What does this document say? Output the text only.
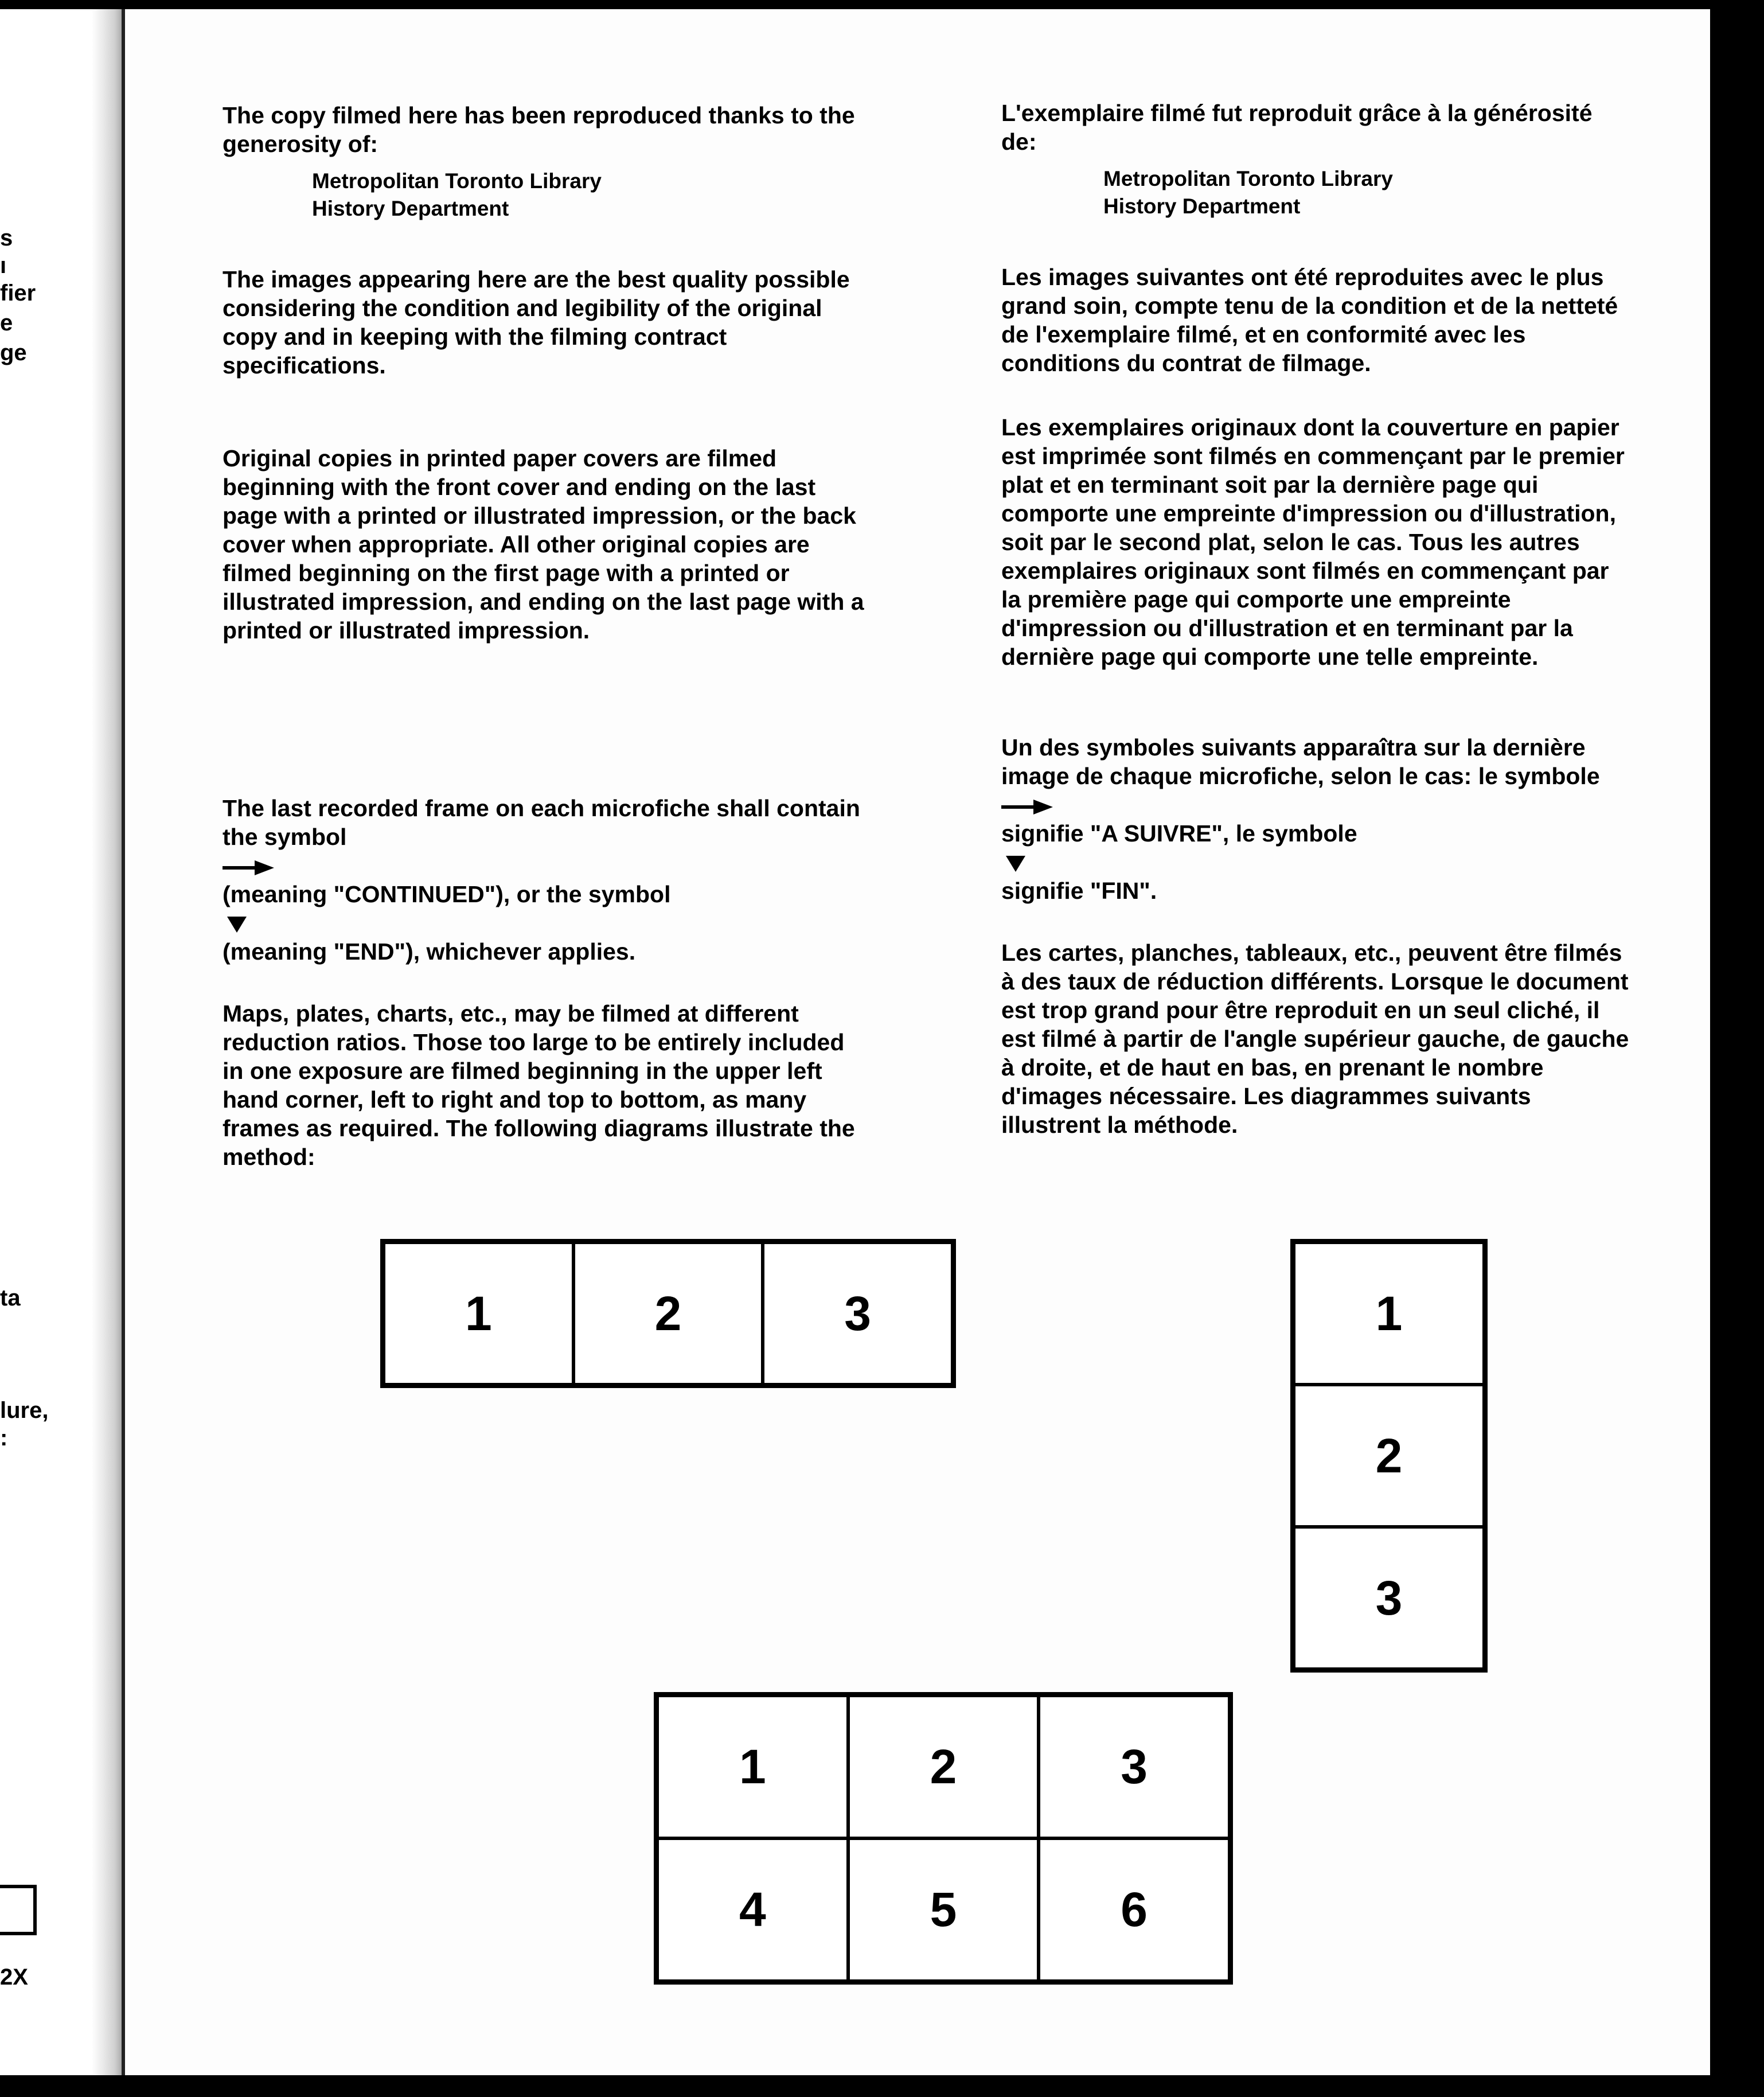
s
ı
fier
e
ge
ta
lure,
:
2X

The copy filmed here has been reproduced thanks to the generosity of:

Metropolitan Toronto Library

History Department

The images appearing here are the best quality possible considering the condition and legibility of the original copy and in keeping with the filming contract specifications.

Original copies in printed paper covers are filmed beginning with the front cover and ending on the last page with a printed or illustrated impression, or the back cover when appropriate. All other original copies are filmed beginning on the first page with a printed or illustrated impression, and ending on the last page with a printed or illustrated impression.

The last recorded frame on each microfiche shall contain the symbol

(meaning "CONTINUED"), or the symbol

(meaning "END"), whichever applies.

Maps, plates, charts, etc., may be filmed at different reduction ratios. Those too large to be entirely included in one exposure are filmed beginning in the upper left hand corner, left to right and top to bottom, as many frames as required. The following diagrams illustrate the method:

L'exemplaire filmé fut reproduit grâce à la générosité de:

Metropolitan Toronto Library

History Department

Les images suivantes ont été reproduites avec le plus grand soin, compte tenu de la condition et de la netteté de l'exemplaire filmé, et en conformité avec les conditions du contrat de filmage.

Les exemplaires originaux dont la couverture en papier est imprimée sont filmés en commençant par le premier plat et en terminant soit par la dernière page qui comporte une empreinte d'impression ou d'illustration, soit par le second plat, selon le cas. Tous les autres exemplaires originaux sont filmés en commençant par la première page qui comporte une empreinte d'impression ou d'illustration et en terminant par la dernière page qui comporte une telle empreinte.

Un des symboles suivants apparaîtra sur la dernière image de chaque microfiche, selon le cas: le symbole

signifie "A SUIVRE", le symbole

signifie "FIN".

Les cartes, planches, tableaux, etc., peuvent être filmés à des taux de réduction différents. Lorsque le document est trop grand pour être reproduit en un seul cliché, il est filmé à partir de l'angle supérieur gauche, de gauche à droite, et de haut en bas, en prenant le nombre d'images nécessaire. Les diagrammes suivants illustrent la méthode.

1	2	3	1
2
3
1	2	3
4	5	6
